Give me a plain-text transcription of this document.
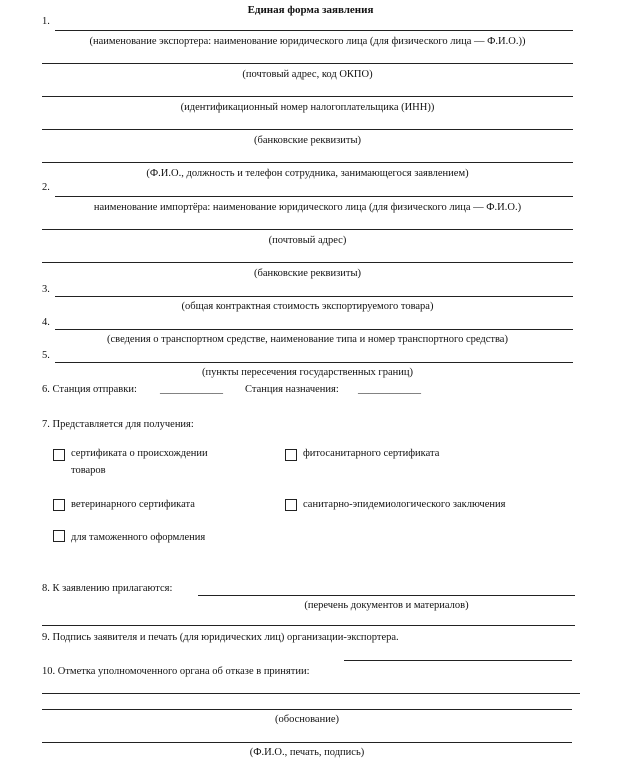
Единая форма заявления
1.
(наименование экспортера: наименование юридического лица (для физического лица — Ф.И.О.))
(почтовый адрес, код ОКПО)
(идентификационный номер налогоплательщика (ИНН))
(банковские реквизиты)
(Ф.И.О., должность и телефон сотрудника, занимающегося заявлением)
2.
наименование импортёра: наименование юридического лица (для физического лица — Ф.И.О.)
(почтовый адрес)
(банковские реквизиты)
3.
(общая контрактная стоимость экспортируемого товара)
4.
(сведения о транспортном средстве, наименование типа и номер транспортного средства)
5.
(пункты пересечения государственных границ)
6. Станция отправки: ____________ Станция назначения: ____________
7. Представляется для получения:
сертификата о происхождении
товаров
фитосанитарного сертификата
ветеринарного сертификата	санитарно-эпидемиологического заключения
для таможенного оформления
8. К заявлению прилагаются:
(перечень документов и материалов)
9. Подпись заявителя и печать (для юридических лиц) организации-экспортера.
10. Отметка уполномоченного органа об отказе в принятии:
(обоснование)
(Ф.И.О., печать, подпись)
